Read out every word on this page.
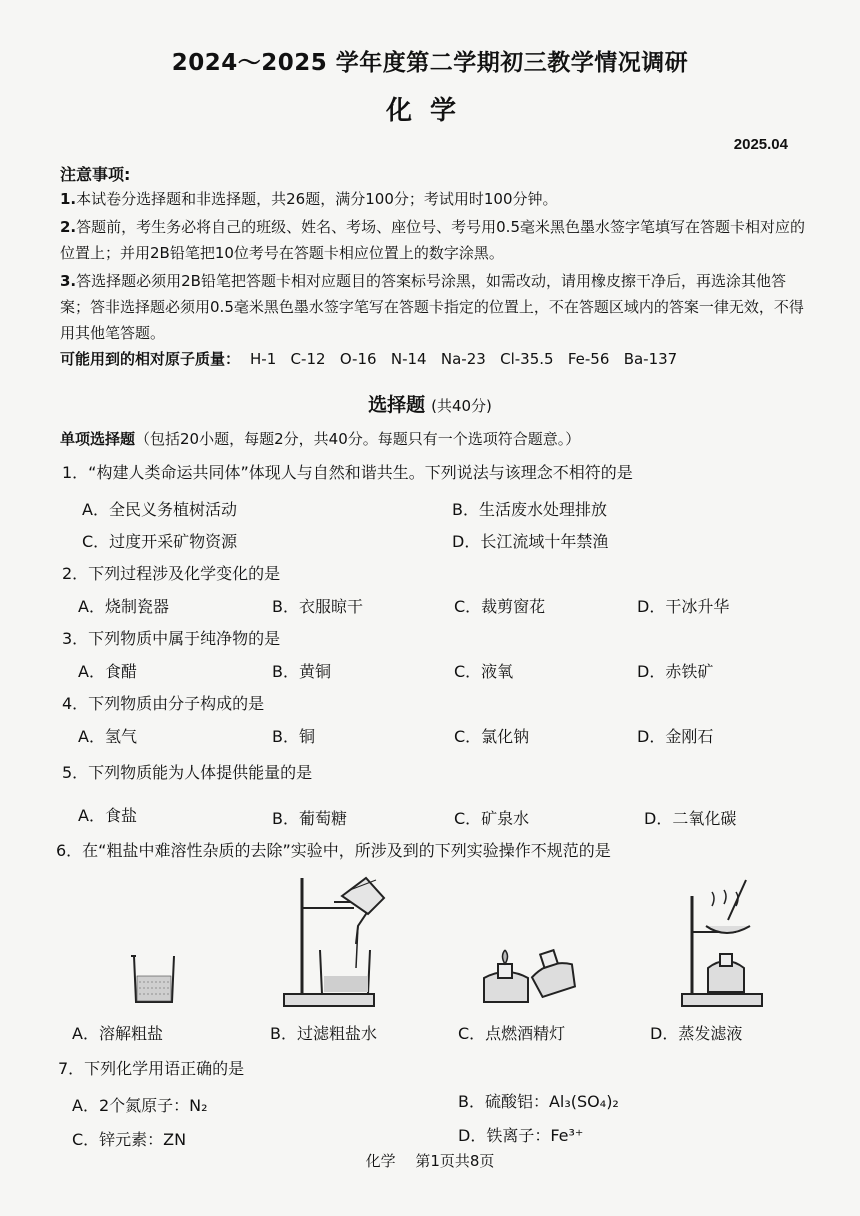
2024～2025 学年度第二学期初三教学情况调研
化学
2025.04
注意事项:
1.本试卷分选择题和非选择题，共26题，满分100分；考试用时100分钟。
2.答题前，考生务必将自己的班级、姓名、考场、座位号、考号用0.5毫米黑色墨水签字笔填写在答题卡相对应的位置上；并用2B铅笔把10位考号在答题卡相应位置上的数字涂黑。
3.答选择题必须用2B铅笔把答题卡相对应题目的答案标号涂黑，如需改动，请用橡皮擦干净后，再选涂其他答案；答非选择题必须用0.5毫米黑色墨水签字笔写在答题卡指定的位置上，不在答题区域内的答案一律无效，不得用其他笔答题。
可能用到的相对原子质量： H-1   C-12   O-16   N-14   Na-23   Cl-35.5   Fe-56   Ba-137
选择题 (共40分)
单项选择题（包括20小题，每题2分，共40分。每题只有一个选项符合题意。）
1．“构建人类命运共同体”体现人与自然和谐共生。下列说法与该理念不相符的是
A．全民义务植树活动	B．生活废水处理排放
C．过度开采矿物资源	D．长江流域十年禁渔
2．下列过程涉及化学变化的是
A．烧制瓷器	B．衣服晾干	C．裁剪窗花	D．干冰升华
3．下列物质中属于纯净物的是
A．食醋	B．黄铜	C．液氧	D．赤铁矿
4．下列物质由分子构成的是
A．氢气	B．铜	C．氯化钠	D．金刚石
5．下列物质能为人体提供能量的是
A．食盐	B．葡萄糖	C．矿泉水	D．二氧化碳
6．在“粗盐中难溶性杂质的去除”实验中，所涉及到的下列实验操作不规范的是
A．溶解粗盐	B．过滤粗盐水	C．点燃酒精灯	D．蒸发滤液
7．下列化学用语正确的是
A．2个氮原子：N₂	B．硫酸铝：Al₃(SO₄)₂
C．锌元素：ZN	D．铁离子：Fe³⁺
化学　 第1页共8页
